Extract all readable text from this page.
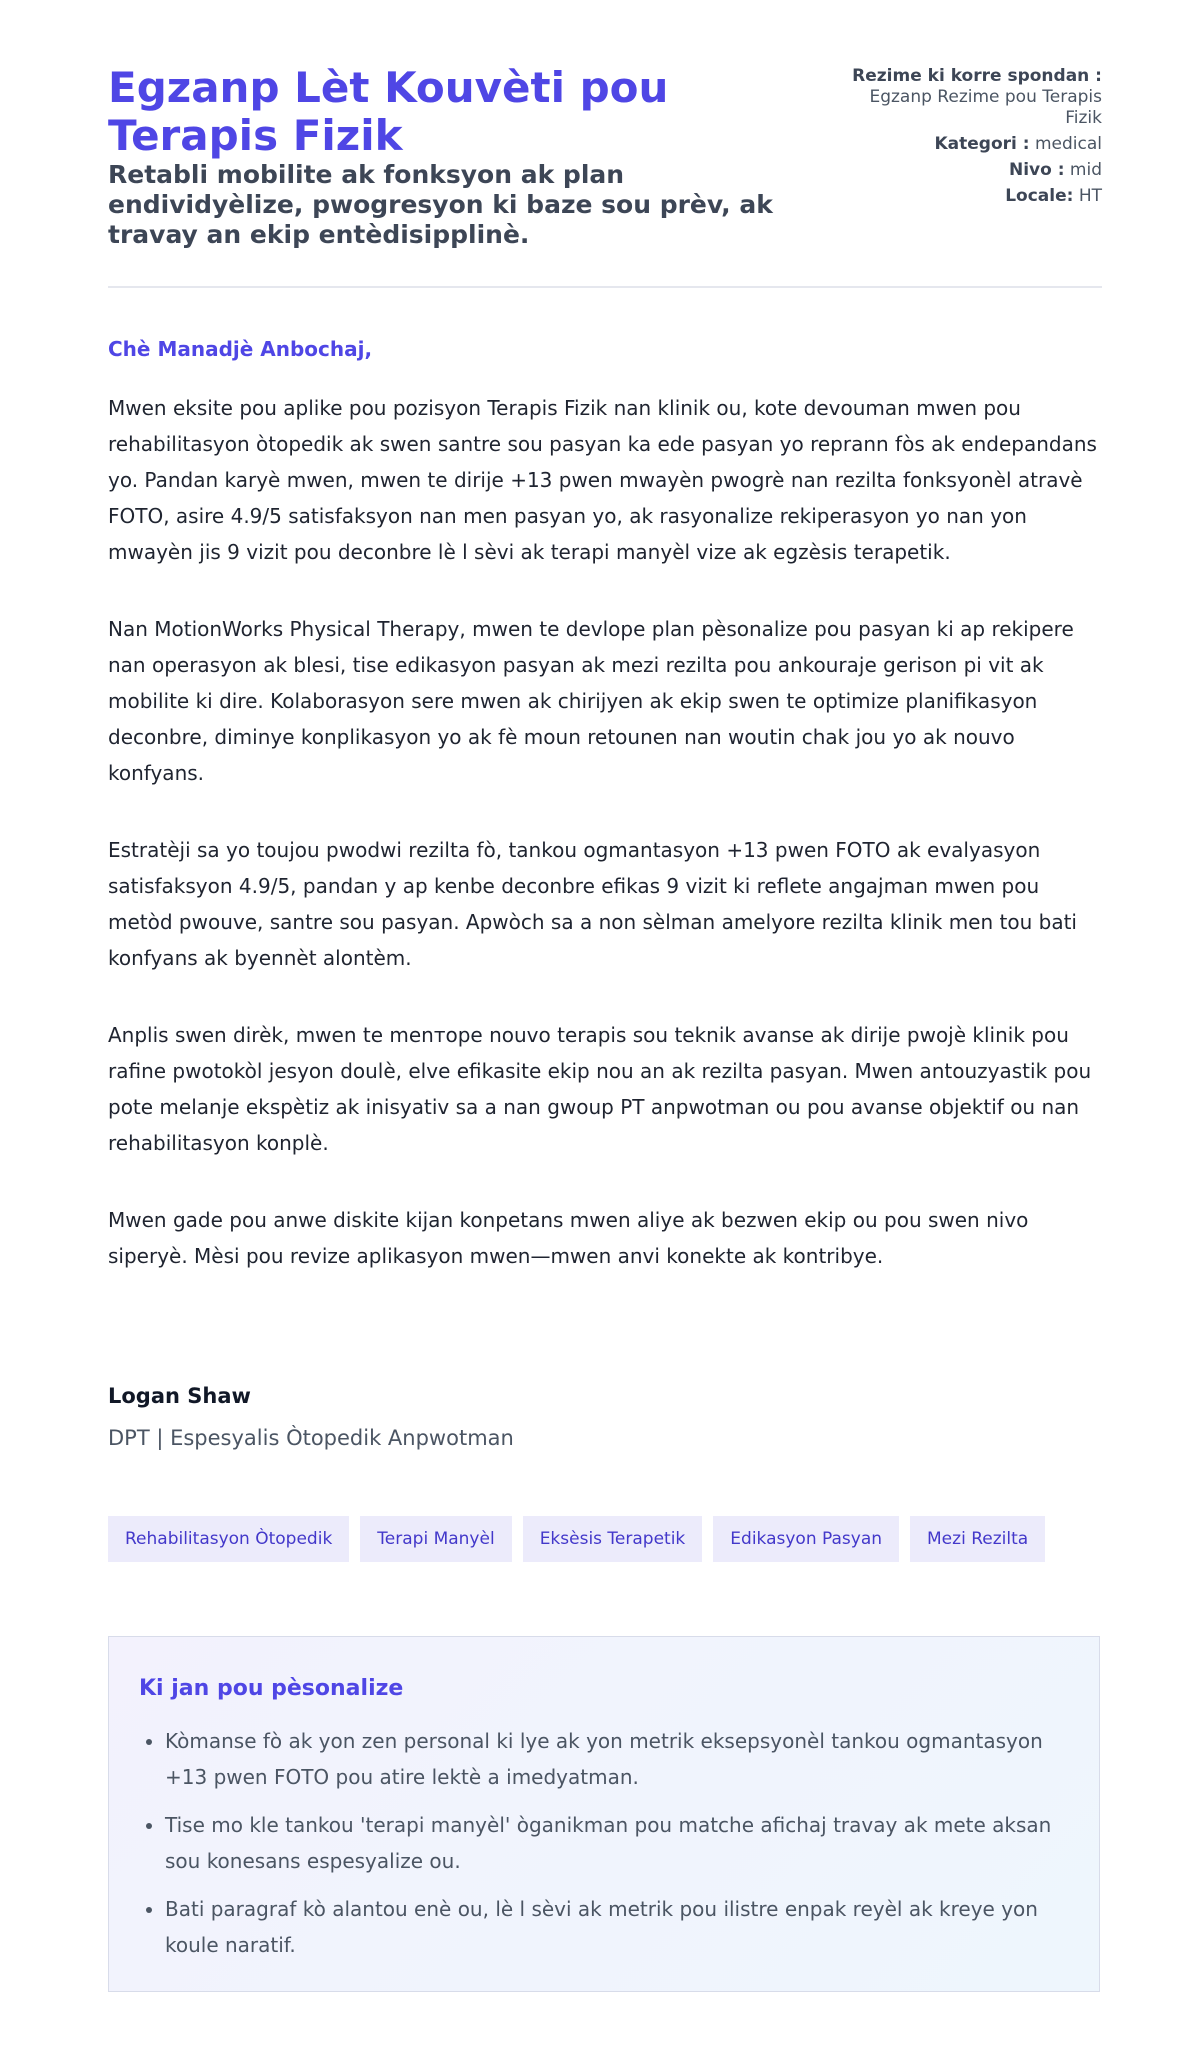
Egzanp Lèt Kouvèti pou Terapis Fizik

Retabli mobilite ak fonksyon ak plan endividyèlize, pwogresyon ki baze sou prèv, ak travay an ekip entèdisipplinè.

Rezime ki korre spondan : Egzanp Rezime pou Terapis Fizik
Kategori : medical
Nivo : mid
Locale: HT

Chè Manadjè Anbochaj,

Mwen eksite pou aplike pou pozisyon Terapis Fizik nan klinik ou, kote devouman mwen pou rehabilitasyon òtopedik ak swen santre sou pasyan ka ede pasyan yo reprann fòs ak endepandans yo. Pandan karyè mwen, mwen te dirije +13 pwen mwayèn pwogrè nan rezilta fonksyonèl atravè FOTO, asire 4.9/5 satisfaksyon nan men pasyan yo, ak rasyonalize rekiperasyon yo nan yon mwayèn jis 9 vizit pou deconbre lè l sèvi ak terapi manyèl vize ak egzèsis terapetik.

Nan MotionWorks Physical Therapy, mwen te devlope plan pèsonalize pou pasyan ki ap rekipere nan operasyon ak blesi, tise edikasyon pasyan ak mezi rezilta pou ankouraje gerison pi vit ak mobilite ki dire. Kolaborasyon sere mwen ak chirijyen ak ekip swen te optimize planifikasyon deconbre, diminye konplikasyon yo ak fè moun retounen nan woutin chak jou yo ak nouvo konfyans.

Estratèji sa yo toujou pwodwi rezilta fò, tankou ogmantasyon +13 pwen FOTO ak evalyasyon satisfaksyon 4.9/5, pandan y ap kenbe deconbre efikas 9 vizit ki reflete angajman mwen pou metòd pwouve, santre sou pasyan. Apwòch sa a non sèlman amelyore rezilta klinik men tou bati konfyans ak byennèt alontèm.

Anplis swen dirèk, mwen te menтоpe nouvo terapis sou teknik avanse ak dirije pwojè klinik pou rafine pwotokòl jesyon doulè, elve efikasite ekip nou an ak rezilta pasyan. Mwen antouzyastik pou pote melanje ekspètiz ak inisyativ sa a nan gwoup PT anpwotman ou pou avanse objektif ou nan rehabilitasyon konplè.

Mwen gade pou anwe diskite kijan konpetans mwen aliye ak bezwen ekip ou pou swen nivo siperyè. Mèsi pou revize aplikasyon mwen—mwen anvi konekte ak kontribye.

Logan Shaw
DPT | Espesyalis Òtopedik Anpwotman
Rehabilitasyon Òtopedik	Terapi Manyèl	Eksèsis Terapetik	Edikasyon Pasyan	Mezi Rezilta
Ki jan pou pèsonalize
• Kòmanse fò ak yon zen personal ki lye ak yon metrik eksepsyonèl tankou ogmantasyon +13 pwen FOTO pou atire lektè a imedyatman.
• Tise mo kle tankou 'terapi manyèl' òganikman pou matche afichaj travay ak mete aksan sou konesans espesyalize ou.
• Bati paragraf kò alantou enè ou, lè l sèvi ak metrik pou ilistre enpak reyèl ak kreye yon koule naratif.
